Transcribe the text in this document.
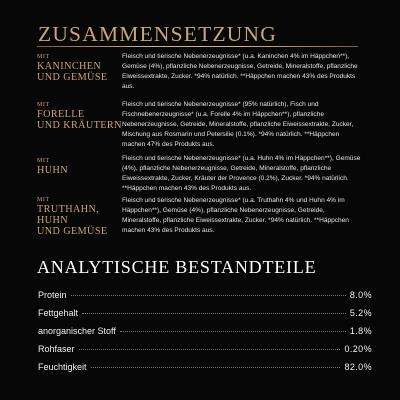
ZUSAMMENSETZUNG
MIT
KANINCHEN
UND GEMÜSE
Fleisch und tierische Nebenerzeugnisse* (u.a. Kaninchen 4% im Häppchen**), Gemüse (4%), pflanzliche Nebenerzeugnisse, Getreide, Mineralstoffe, pflanzliche Eiweissextrakte, Zucker. *94% natürlich. **Häppchen machen 43% des Produkts aus.
MIT
FORELLE
UND KRÄUTERN
Fleisch und tierische Nebenerzeugnisse* (95% natürlich), Fisch und Fischnebenerzeugnisse* (u.a. Forelle 4% im Häppchen**), pflanzliche Nebenerzeugnisse, Getreide, Mineralstoffe, pflanzliche Eiweissextrakte, Zucker, Mischung aus Rosmarin und Petersilie (0.1%). *94% natürlich. **Häppchen machen 47% des Produkts aus.
MIT
HUHN
Fleisch und tierische Nebenerzeugnisse* (u.a. Huhn 4% im Häppchen**), Gemüse (4%), pflanzliche Nebenerzeugnisse, Getreide, Mineralstoffe, pflanzliche Eiweissextrakte, Zucker, Kräuter der Provence (0.2%), Zucker. *94% natürlich. **Häppchen machen 43% des Produkts aus.
MIT
TRUTHAHN,
HUHN
UND GEMÜSE
Fleisch und tierische Nebenerzeugnisse* (u.a. Truthahn 4% und Huhn 4% im Häppchen**), Gemüse (4%), pflanzliche Nebenerzeugnisse, Getreide, Mineralstoffe, pflanzliche Eiweissextrakte, Zucker. *94% natürlich. **Häppchen machen 43% des Produkts aus.
ANALYTISCHE BESTANDTEILE
Protein	8.0%
Fettgehalt	5.2%
anorganischer Stoff	1.8%
Rohfaser	0.20%
Feuchtigkeit	82.0%
